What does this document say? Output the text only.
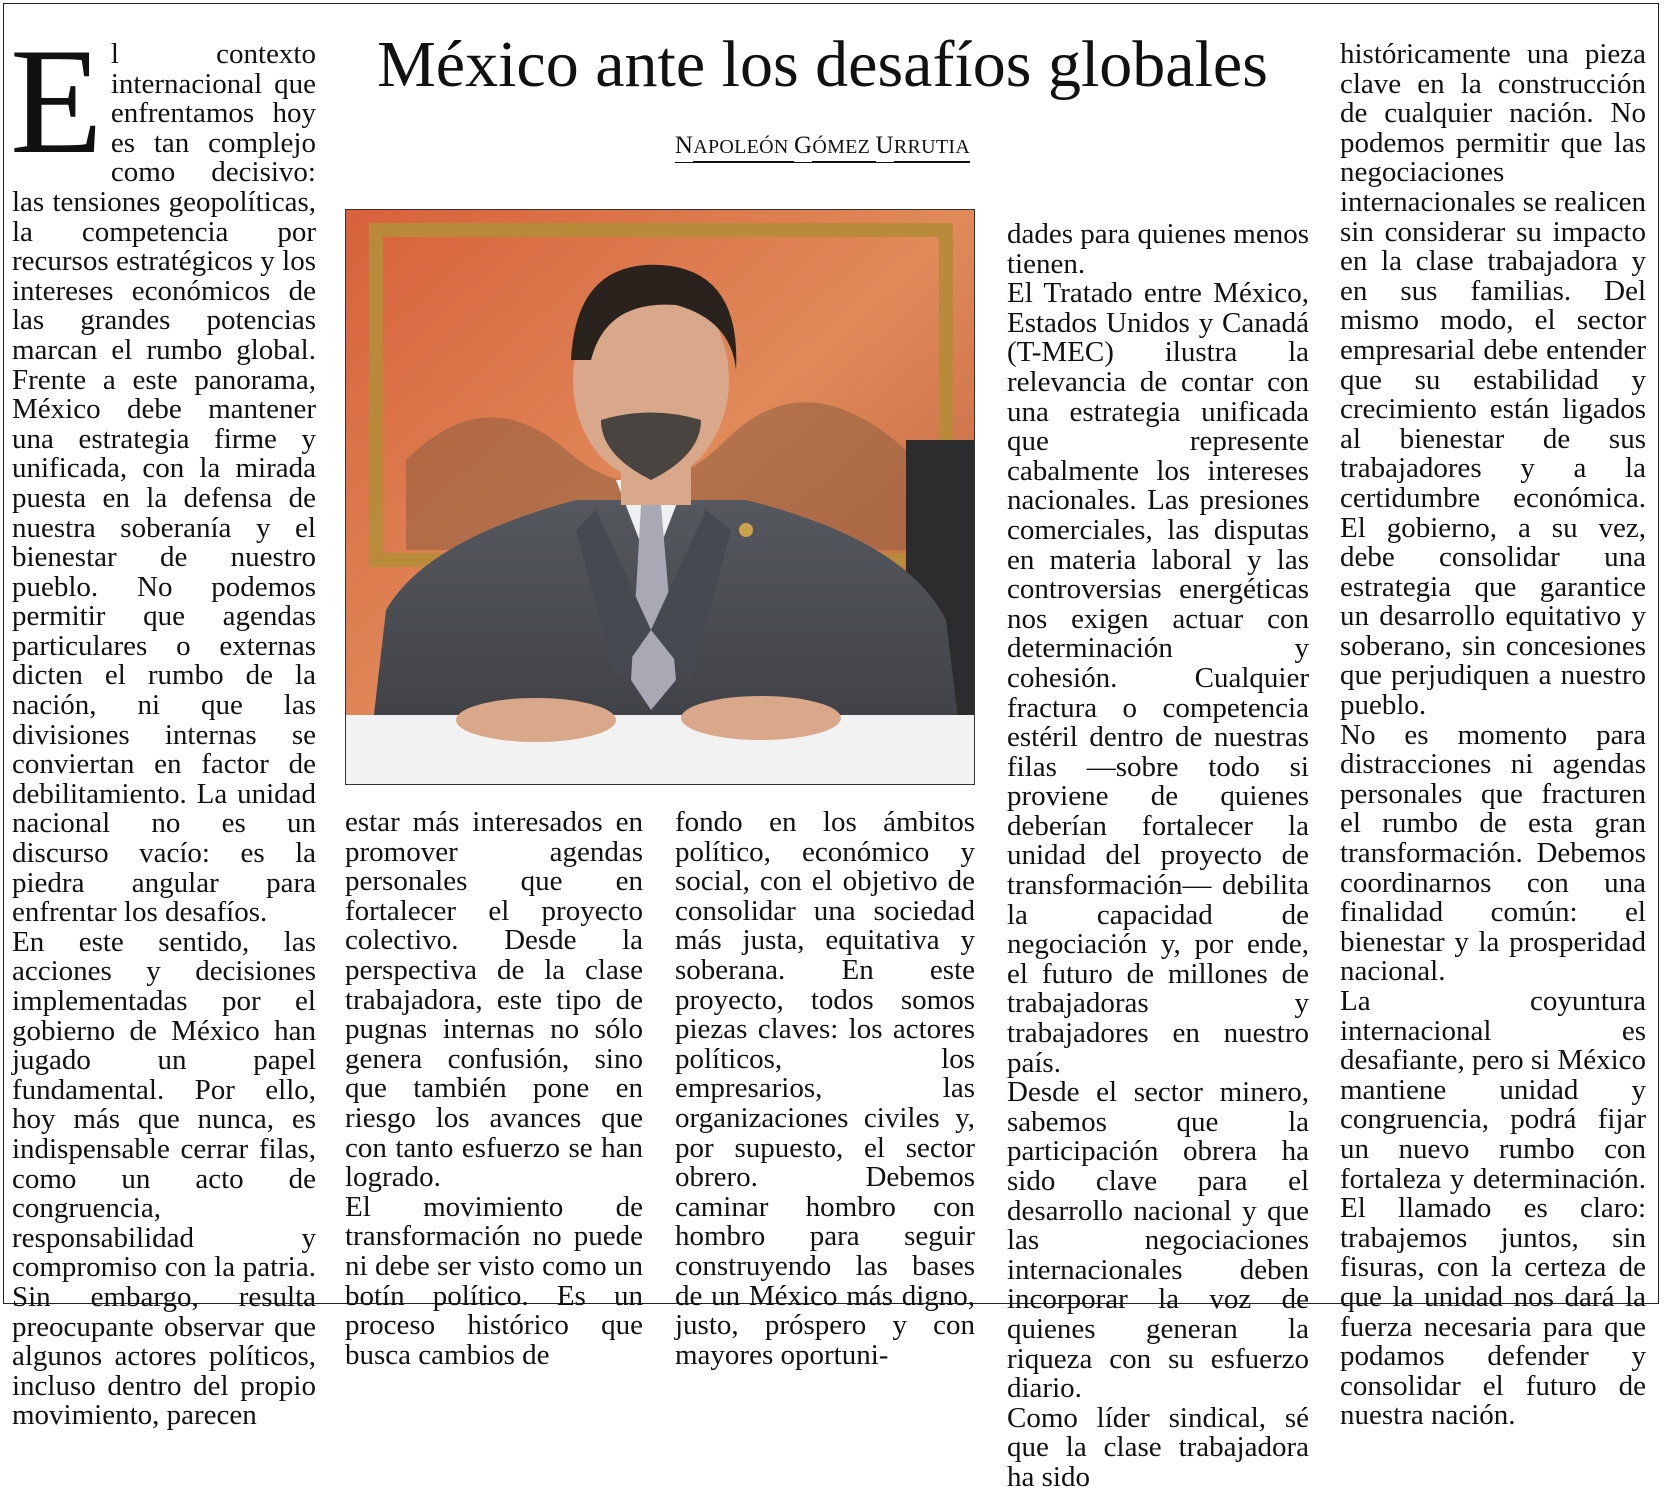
México ante los desafíos globales

NAPOLEÓN GÓMEZ URRUTIA

E l contexto internacional que enfrentamos hoy es tan complejo como decisivo: las tensiones geopolíticas, la competencia por recursos estratégicos y los intereses económicos de las grandes potencias marcan el rumbo global. Frente a este panorama, México debe mantener una estrategia firme y unificada, con la mirada puesta en la defensa de nuestra soberanía y el bienestar de nuestro pueblo. No podemos permitir que agendas particulares o externas dicten el rumbo de la nación, ni que las divisiones internas se conviertan en factor de debilitamiento. La unidad nacional no es un discurso vacío: es la piedra angular para enfrentar los desafíos.

En este sentido, las acciones y decisiones implementadas por el gobierno de México han jugado un papel fundamental. Por ello, hoy más que nunca, es indispensable cerrar filas, como un acto de congruencia, responsabilidad y compromiso con la patria. Sin embargo, resulta preocupante observar que algunos actores políticos, incluso dentro del propio movimiento, parecen

estar más interesados en promover agendas personales que en fortalecer el proyecto colectivo. Desde la perspectiva de la clase trabajadora, este tipo de pugnas internas no sólo genera confusión, sino que también pone en riesgo los avances que con tanto esfuerzo se han logrado.

El movimiento de transformación no puede ni debe ser visto como un botín político. Es un proceso histórico que busca cambios de

fondo en los ámbitos político, económico y social, con el objetivo de consolidar una sociedad más justa, equitativa y soberana. En este proyecto, todos somos piezas claves: los actores políticos, los empresarios, las organizaciones civiles y, por supuesto, el sector obrero. Debemos caminar hombro con hombro para seguir construyendo las bases de un México más digno, justo, próspero y con mayores oportuni-

dades para quienes menos tienen.

El Tratado entre México, Estados Unidos y Canadá (T-MEC) ilustra la relevancia de contar con una estrategia unificada que represente cabalmente los intereses nacionales. Las presiones comerciales, las disputas en materia laboral y las controversias energéticas nos exigen actuar con determinación y cohesión. Cualquier fractura o competencia estéril dentro de nuestras filas —sobre todo si proviene de quienes deberían fortalecer la unidad del proyecto de transformación— debilita la capacidad de negociación y, por ende, el futuro de millones de trabajadoras y trabajadores en nuestro país.

Desde el sector minero, sabemos que la participación obrera ha sido clave para el desarrollo nacional y que las negociaciones internacionales deben incorporar la voz de quienes generan la riqueza con su esfuerzo diario.

Como líder sindical, sé que la clase trabajadora ha sido

históricamente una pieza clave en la construcción de cualquier nación. No podemos permitir que las negociaciones internacionales se realicen sin considerar su impacto en la clase trabajadora y en sus familias. Del mismo modo, el sector empresarial debe entender que su estabilidad y crecimiento están ligados al bienestar de sus trabajadores y a la certidumbre económica. El gobierno, a su vez, debe consolidar una estrategia que garantice un desarrollo equitativo y soberano, sin concesiones que perjudiquen a nuestro pueblo.

No es momento para distracciones ni agendas personales que fracturen el rumbo de esta gran transformación. Debemos coordinarnos con una finalidad común: el bienestar y la prosperidad nacional.

La coyuntura internacional es desafiante, pero si México mantiene unidad y congruencia, podrá fijar un nuevo rumbo con fortaleza y determinación. El llamado es claro: trabajemos juntos, sin fisuras, con la certeza de que la unidad nos dará la fuerza necesaria para que podamos defender y consolidar el futuro de nuestra nación.
